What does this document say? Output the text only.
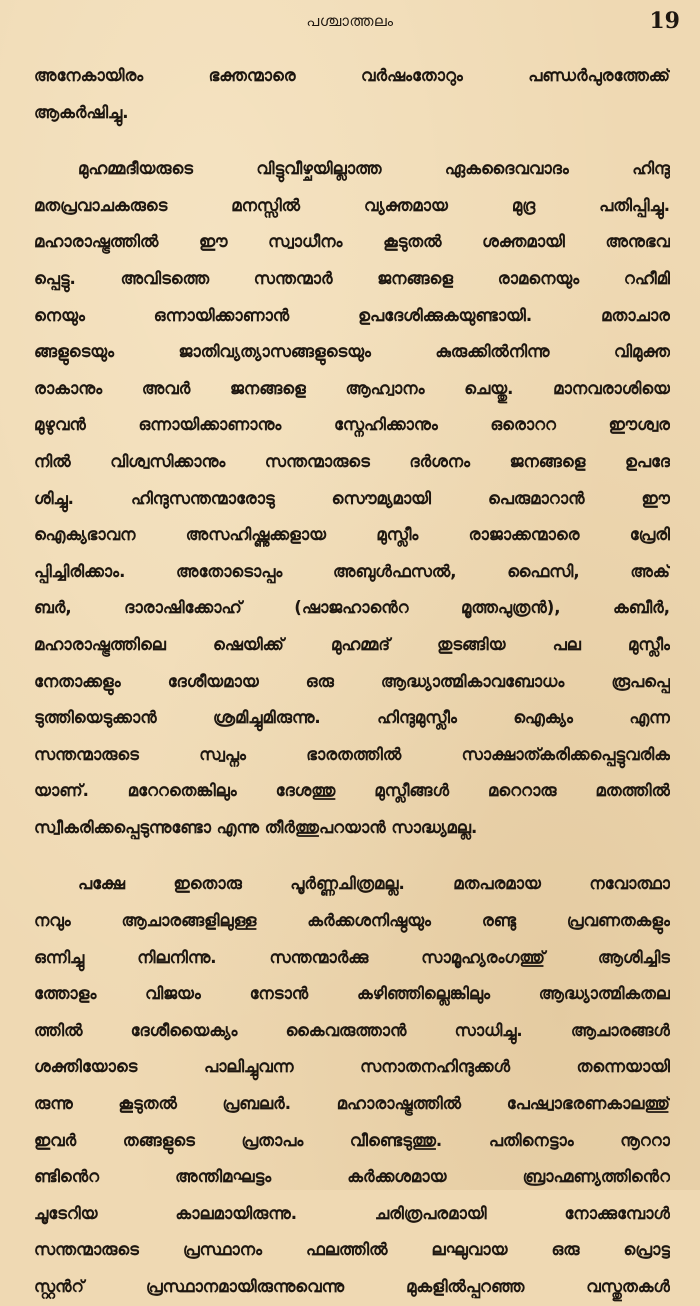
പശ്ചാത്തലം	19
അനേകായിരം ഭക്തന്മാരെ വർഷംതോറും പണ്ഡർപുരത്തേക്ക്
ആകർഷിച്ചു.
മുഹമ്മദീയരുടെ വിട്ടുവീഴ്ചയില്ലാത്ത ഏകദൈവവാദം ഹിന്ദു
മതപ്രവാചകരുടെ മനസ്സിൽ വ്യക്തമായ മുദ്ര പതിപ്പിച്ചു.
മഹാരാഷ്ട്രത്തിൽ ഈ സ്വാധീനം കൂടുതൽ ശക്തമായി അനുഭവ
പ്പെട്ടു. അവിടത്തെ സന്തന്മാർ ജനങ്ങളെ രാമനെയും റഹീമി
നെയും ഒന്നായിക്കാണാൻ ഉപദേശിക്കുകയുണ്ടായി. മതാചാര
ങ്ങളുടെയും ജാതിവ്യത്യാസങ്ങളുടെയും കുരുക്കിൽനിന്നു വിമുക്ത
രാകാനും അവർ ജനങ്ങളെ ആഹ്വാനം ചെയ്തു. മാനവരാശിയെ
മുഴുവൻ ഒന്നായിക്കാണാനും സ്നേഹിക്കാനും ഒരൊററ ഈശ്വര
നിൽ വിശ്വസിക്കാനും സന്തന്മാരുടെ ദർശനം ജനങ്ങളെ ഉപദേ
ശിച്ചു. ഹിന്ദുസന്തന്മാരോടു സൌമ്യമായി പെരുമാറാൻ ഈ
ഐക്യഭാവന അസഹിഷ്ണുക്കളായ മുസ്ലീം രാജാക്കന്മാരെ പ്രേരി
പ്പിച്ചിരിക്കാം. അതോടൊപ്പം അബുൾഫസൽ, ഫൈസി, അക്
ബർ, ദാരാഷിക്കോഹ് (ഷാജഹാൻെറ മൂത്തപുത്രൻ), കബീർ,
മഹാരാഷ്ട്രത്തിലെ ഷെയിക്ക് മുഹമ്മദ് തുടങ്ങിയ പല മുസ്ലീം
നേതാക്കളും ദേശീയമായ ഒരു ആദ്ധ്യാത്മികാവബോധം രൂപപ്പെ
ടുത്തിയെടുക്കാൻ ശ്രമിച്ചുമിരുന്നു. ഹിന്ദുമുസ്ലീം ഐക്യം എന്ന
സന്തന്മാരുടെ സ്വപ്നം ഭാരതത്തിൽ സാക്ഷാത്കരിക്കപ്പെട്ടുവരിക
യാണ്. മറേറതെങ്കിലും ദേശത്തു മുസ്ലീങ്ങൾ മറെറാരു മതത്തിൽ
സ്വീകരിക്കപ്പെടുന്നുണ്ടോ എന്നു തീർത്തുപറയാൻ സാദ്ധ്യമല്ല.
പക്ഷേ ഇതൊരു പൂർണ്ണചിത്രമല്ല. മതപരമായ നവോത്ഥാ
നവും ആചാരങ്ങളിലുള്ള കർക്കശനിഷ്ഠയും രണ്ടു പ്രവണതകളും
ഒന്നിച്ചു നിലനിന്നു. സന്തന്മാർക്കു സാമൂഹ്യരംഗത്തു് ആശിച്ചിട
ത്തോളം വിജയം നേടാൻ കഴിഞ്ഞില്ലെങ്കിലും ആദ്ധ്യാത്മികതല
ത്തിൽ ദേശീയൈക്യം കൈവരുത്താൻ സാധിച്ചു. ആചാരങ്ങൾ
ശക്തിയോടെ പാലിച്ചുവന്ന സനാതനഹിന്ദുക്കൾ തന്നെയായി
രുന്നു കൂടുതൽ പ്രബലർ. മഹാരാഷ്ട്രത്തിൽ പേഷ്വാഭരണകാലത്തു്
ഇവർ തങ്ങളുടെ പ്രതാപം വീണ്ടെടുത്തു. പതിനെട്ടാം നൂററാ
ണ്ടിൻെറ അന്തിമഘട്ടം കർക്കശമായ ബ്രാഹ്മണ്യത്തിൻെറ
ചൂടേറിയ കാലമായിരുന്നു. ചരിത്രപരമായി നോക്കുമ്പോൾ
സന്തന്മാരുടെ പ്രസ്ഥാനം ഫലത്തിൽ ലഘുവായ ഒരു പ്രൊട്ട
സ്റ്റൻറ് പ്രസ്ഥാനമായിരുന്നുവെന്നു മുകളിൽപ്പറഞ്ഞ വസ്തുതകൾ
